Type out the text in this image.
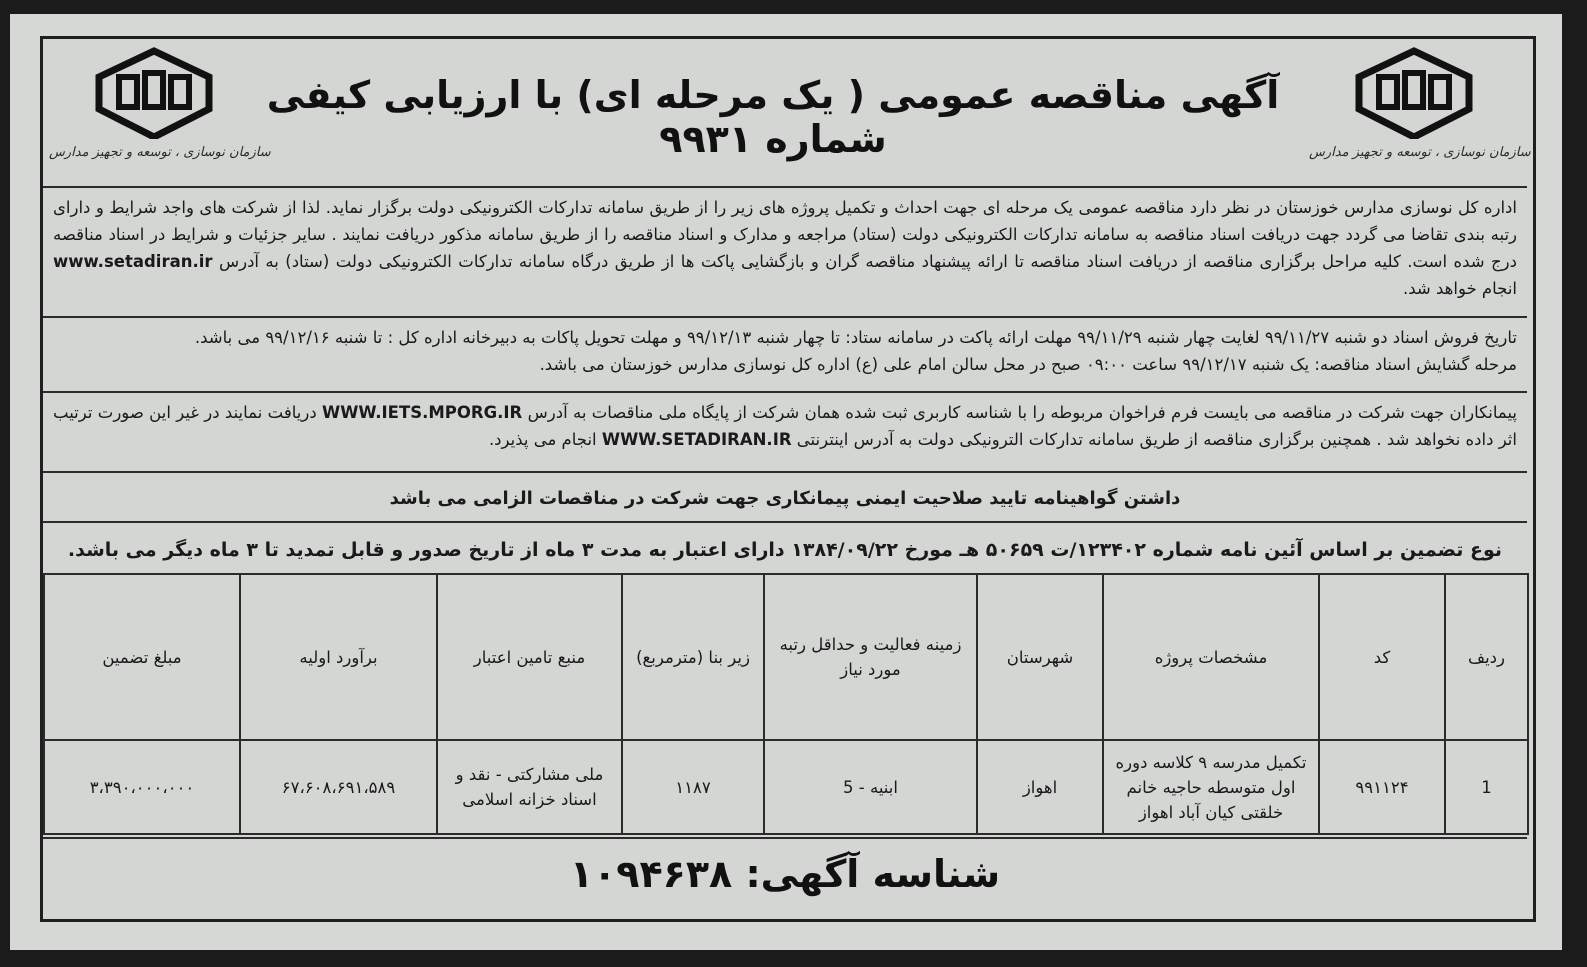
سازمان نوسازی ، توسعه و تجهیز مدارس
آگهی مناقصه عمومی ( یک مرحله ای) با ارزیابی کیفی شماره ۹۹۳۱
سازمان نوسازی ، توسعه و تجهیز مدارس
اداره کل نوسازی مدارس خوزستان در نظر دارد مناقصه عمومی یک مرحله ای جهت احداث و تکمیل پروژه های زیر را از طریق سامانه تدارکات الکترونیکی دولت برگزار نماید. لذا از شرکت های واجد شرایط و دارای رتبه بندی تقاضا می گردد جهت دریافت اسناد مناقصه به سامانه تدارکات الکترونیکی دولت (ستاد) مراجعه و مدارک و اسناد مناقصه را از طریق سامانه مذکور دریافت نمایند . سایر جزئیات و شرایط در اسناد مناقصه درج شده است. کلیه مراحل برگزاری مناقصه از دریافت اسناد مناقصه تا ارائه پیشنهاد مناقصه گران و بازگشایی پاکت ها از طریق درگاه سامانه تدارکات الکترونیکی دولت (ستاد) به آدرس www.setadiran.ir انجام خواهد شد.
تاریخ فروش اسناد دو شنبه ۹۹/۱۱/۲۷ لغایت چهار شنبه ۹۹/۱۱/۲۹ مهلت ارائه پاکت در سامانه ستاد: تا چهار شنبه ۹۹/۱۲/۱۳ و مهلت تحویل پاکات به دبیرخانه اداره کل : تا شنبه ۹۹/۱۲/۱۶ می باشد.
مرحله گشایش اسناد مناقصه: یک شنبه ۹۹/۱۲/۱۷ ساعت ۰۹:۰۰ صبح در محل سالن امام علی (ع) اداره کل نوسازی مدارس خوزستان می باشد.
پیمانکاران جهت شرکت در مناقصه می بایست فرم فراخوان مربوطه را با شناسه کاربری ثبت شده همان شرکت از پایگاه ملی مناقصات به آدرس WWW.IETS.MPORG.IR دریافت نمایند در غیر این صورت ترتیب اثر داده نخواهد شد . همچنین برگزاری مناقصه از طریق سامانه تدارکات الترونیکی دولت به آدرس اینترنتی WWW.SETADIRAN.IR انجام می پذیرد.
داشتن گواهینامه تایید صلاحیت ایمنی پیمانکاری جهت شرکت در مناقصات الزامی می باشد
نوع تضمین بر اساس آئین نامه شماره ۱۲۳۴۰۲/ت ۵۰۶۵۹ هـ مورخ ۱۳۸۴/۰۹/۲۲ دارای اعتبار به مدت ۳ ماه از تاریخ صدور و قابل تمدید تا ۳ ماه دیگر می باشد.
ردیف	کد	مشخصات پروژه	شهرستان	زمینه فعالیت و حداقل رتبه مورد نیاز	زیر بنا (مترمربع)	منبع تامین اعتبار	برآورد اولیه	مبلغ تضمین
1	۹۹۱۱۲۴	تکمیل مدرسه ۹ کلاسه دوره اول متوسطه حاجیه خانم خلقتی کیان آباد اهواز	اهواز	ابنیه - 5	۱۱۸۷	ملی مشارکتی - نقد و اسناد خزانه اسلامی	۶۷،۶۰۸،۶۹۱،۵۸۹	۳،۳۹۰،۰۰۰،۰۰۰
شناسه آگهی: ۱۰۹۴۶۳۸
